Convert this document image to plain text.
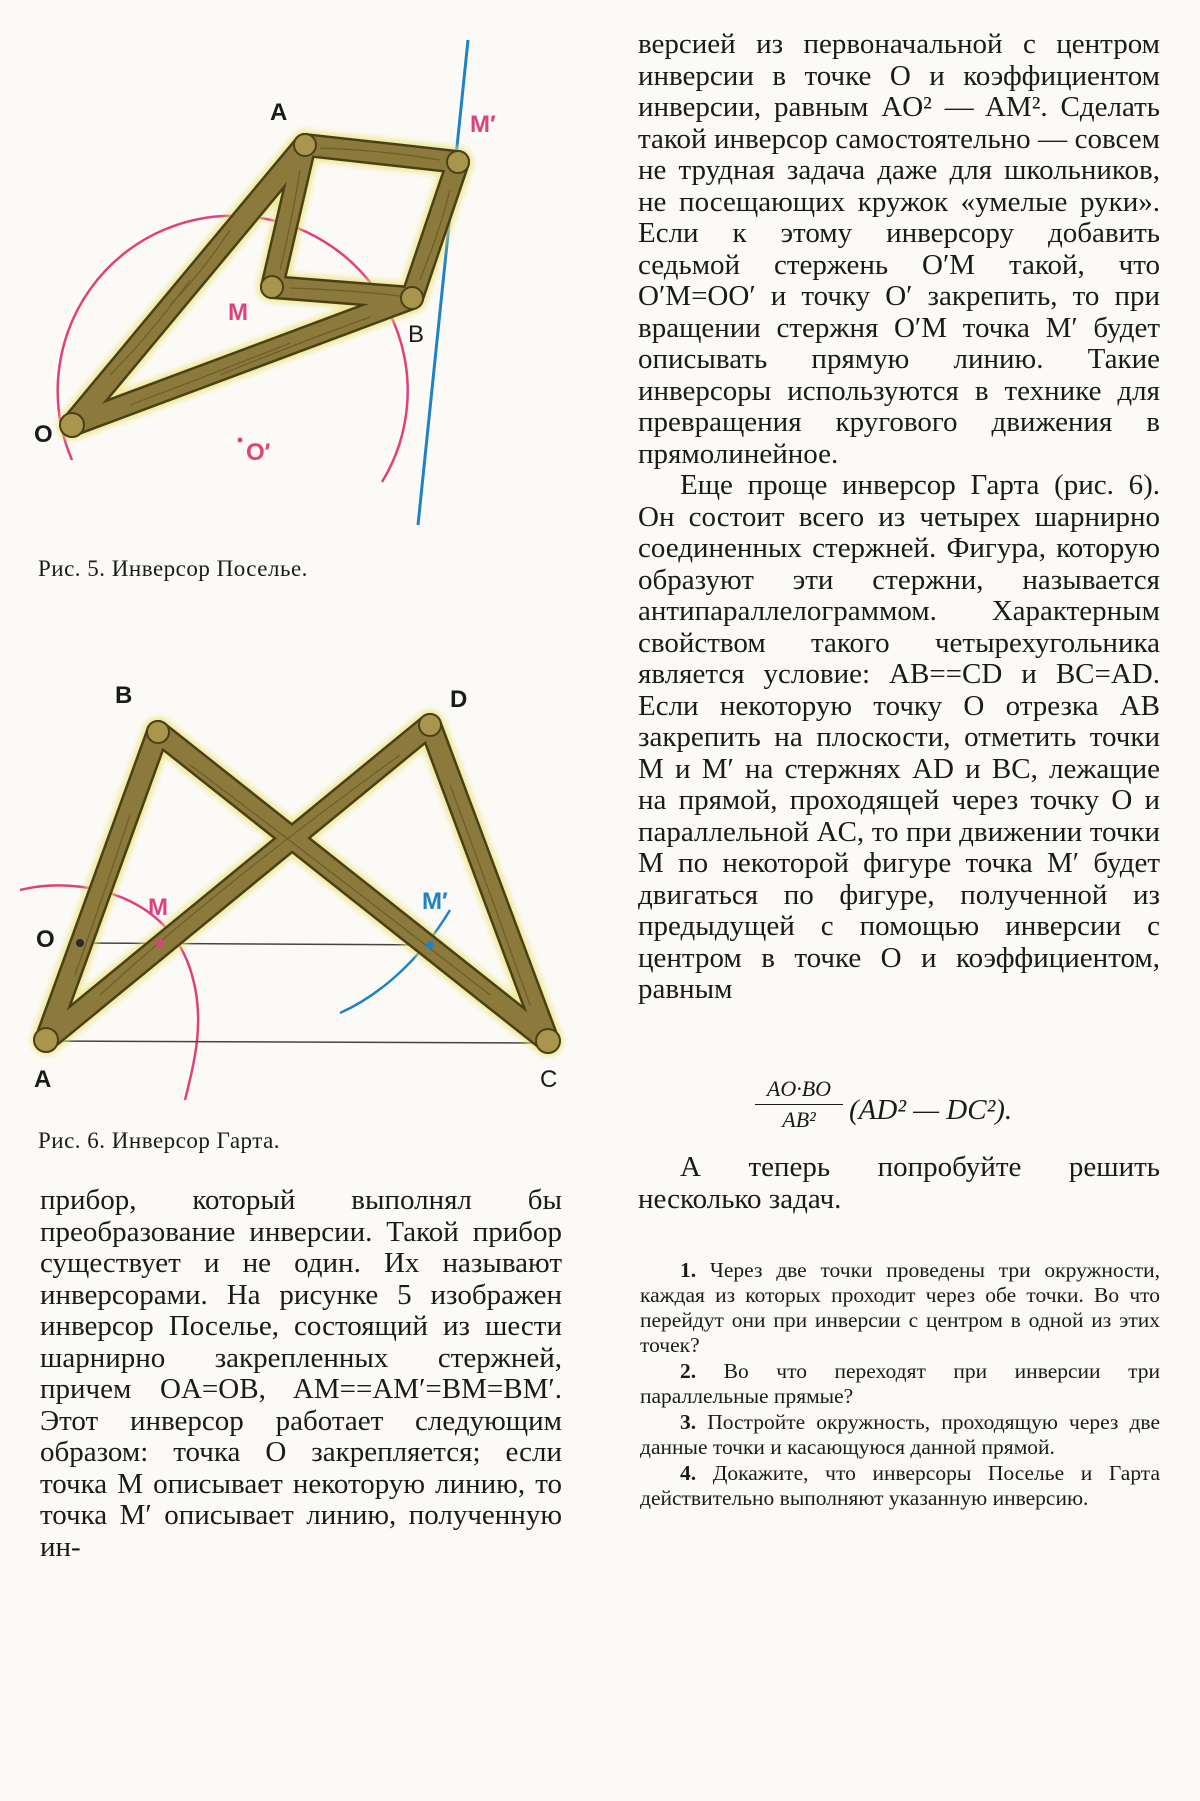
A	M′
M
B
O
O′
Рис. 5. Инверсор Поселье.
B	D
M	M′
O
A	C
Рис. 6. Инверсор Гарта.

прибор, который выполнял бы преобразование инверсии. Такой прибор существует и не один. Их называют инверсорами. На рисунке 5 изображен инверсор Поселье, состоящий из шести шарнирно закрепленных стержней, причем OA=OB, AM==AM′=BM=BM′. Этот инверсор работает следующим образом: точка O закрепляется; если точка M описывает некоторую линию, то точка M′ описывает линию, полученную ин-

версией из первоначальной с центром инверсии в точке O и коэффициентом инверсии, равным AO² — AM². Сделать такой инверсор самостоятельно — совсем не трудная задача даже для школьников, не посещающих кружок «умелые руки». Если к этому инверсору добавить седьмой стержень O′M такой, что O′M=OO′ и точку O′ закрепить, то при вращении стержня O′M точка M′ будет описывать прямую линию. Такие инверсоры используются в технике для превращения кругового движения в прямолинейное.

Еще проще инверсор Гарта (рис. 6). Он состоит всего из четырех шарнирно соединенных стержней. Фигура, которую образуют эти стержни, называется антипараллелограммом. Характерным свойством такого четырехугольника является условие: AB==CD и BC=AD. Если некоторую точку O отрезка AB закрепить на плоскости, отметить точки M и M′ на стержнях AD и BC, лежащие на прямой, проходящей через точку O и параллельной AC, то при движении точки M по некоторой фигуре точка M′ будет двигаться по фигуре, полученной из предыдущей с помощью инверсии с центром в точке O и коэффициентом, равным

$\frac{AO\cdot BO}{\text{AB²}} (AD^2$ — DC²).

А теперь попробуйте решить несколько задач.

1. Через две точки проведены три окружности, каждая из которых проходит через обе точки. Во что перейдут они при инверсии с центром в одной из этих точек?

2. Во что переходят при инверсии три параллельные прямые?

3. Постройте окружность, проходящую через две данные точки и касающуюся данной прямой.

4. Докажите, что инверсоры Поселье и Гарта действительно выполняют указанную инверсию.
